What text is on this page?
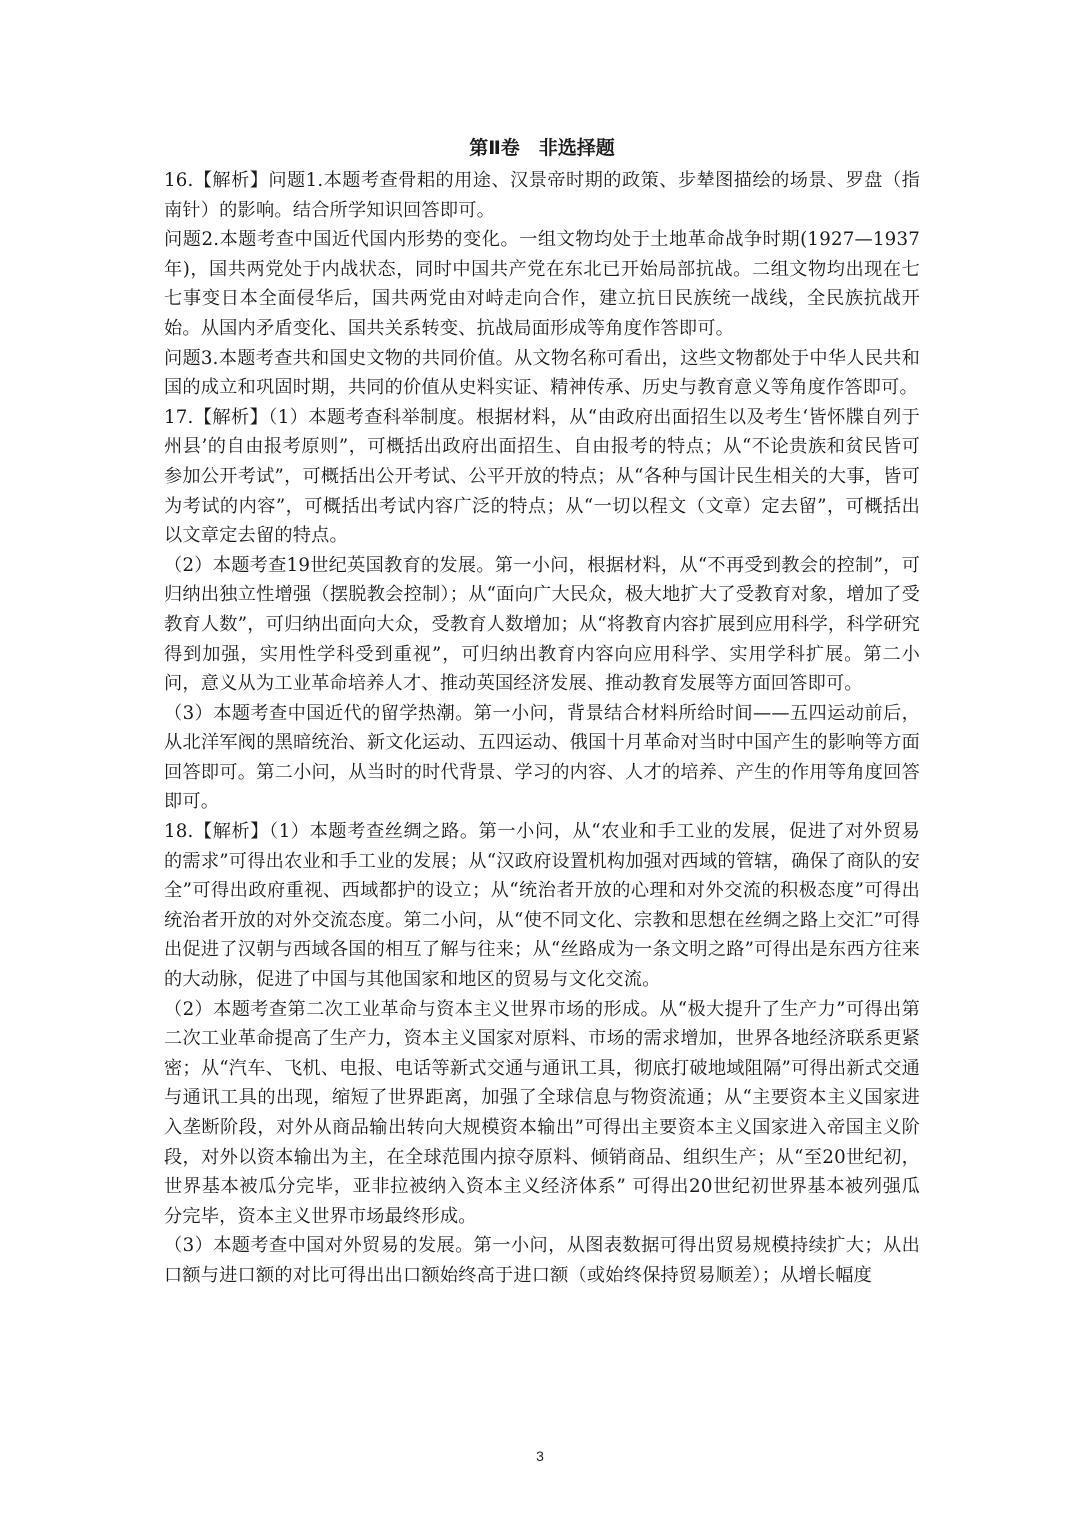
第Ⅱ卷　非选择题

16.【解析】问题1.本题考查骨耜的用途、汉景帝时期的政策、步辇图描绘的场景、罗盘（指南针）的影响。结合所学知识回答即可。

问题2.本题考查中国近代国内形势的变化。一组文物均处于土地革命战争时期(1927—1937年)，国共两党处于内战状态，同时中国共产党在东北已开始局部抗战。二组文物均出现在七七事变日本全面侵华后，国共两党由对峙走向合作，建立抗日民族统一战线，全民族抗战开始。从国内矛盾变化、国共关系转变、抗战局面形成等角度作答即可。

问题3.本题考查共和国史文物的共同价值。从文物名称可看出，这些文物都处于中华人民共和国的成立和巩固时期，共同的价值从史料实证、精神传承、历史与教育意义等角度作答即可。

17.【解析】（1）本题考查科举制度。根据材料，从“由政府出面招生以及考生‘皆怀牒自列于州县’的自由报考原则”，可概括出政府出面招生、自由报考的特点；从“不论贵族和贫民皆可参加公开考试”，可概括出公开考试、公平开放的特点；从“各种与国计民生相关的大事，皆可为考试的内容”，可概括出考试内容广泛的特点；从“一切以程文（文章）定去留”，可概括出以文章定去留的特点。

（2）本题考查19世纪英国教育的发展。第一小问，根据材料，从“不再受到教会的控制”，可归纳出独立性增强（摆脱教会控制）；从“面向广大民众，极大地扩大了受教育对象，增加了受教育人数”，可归纳出面向大众，受教育人数增加；从“将教育内容扩展到应用科学，科学研究得到加强，实用性学科受到重视”，可归纳出教育内容向应用科学、实用学科扩展。第二小问，意义从为工业革命培养人才、推动英国经济发展、推动教育发展等方面回答即可。

（3）本题考查中国近代的留学热潮。第一小问，背景结合材料所给时间——五四运动前后，从北洋军阀的黑暗统治、新文化运动、五四运动、俄国十月革命对当时中国产生的影响等方面回答即可。第二小问，从当时的时代背景、学习的内容、人才的培养、产生的作用等角度回答即可。

18.【解析】（1）本题考查丝绸之路。第一小问，从“农业和手工业的发展，促进了对外贸易的需求”可得出农业和手工业的发展；从“汉政府设置机构加强对西域的管辖，确保了商队的安全”可得出政府重视、西域都护的设立；从“统治者开放的心理和对外交流的积极态度”可得出统治者开放的对外交流态度。第二小问，从“使不同文化、宗教和思想在丝绸之路上交汇”可得出促进了汉朝与西域各国的相互了解与往来；从“丝路成为一条文明之路”可得出是东西方往来的大动脉，促进了中国与其他国家和地区的贸易与文化交流。

（2）本题考查第二次工业革命与资本主义世界市场的形成。从“极大提升了生产力”可得出第二次工业革命提高了生产力，资本主义国家对原料、市场的需求增加，世界各地经济联系更紧密；从“汽车、飞机、电报、电话等新式交通与通讯工具，彻底打破地域阻隔”可得出新式交通与通讯工具的出现，缩短了世界距离，加强了全球信息与物资流通；从“主要资本主义国家进入垄断阶段，对外从商品输出转向大规模资本输出”可得出主要资本主义国家进入帝国主义阶段，对外以资本输出为主，在全球范围内掠夺原料、倾销商品、组织生产；从“至20世纪初，世界基本被瓜分完毕，亚非拉被纳入资本主义经济体系” 可得出20世纪初世界基本被列强瓜分完毕，资本主义世界市场最终形成。

（3）本题考查中国对外贸易的发展。第一小问，从图表数据可得出贸易规模持续扩大；从出口额与进口额的对比可得出出口额始终高于进口额（或始终保持贸易顺差）；从增长幅度

3
